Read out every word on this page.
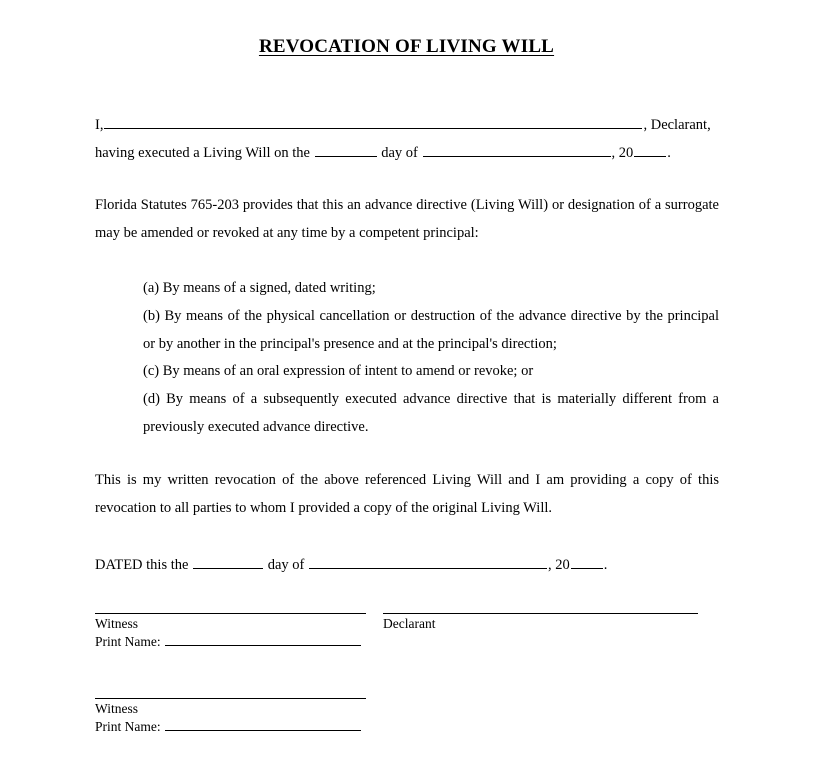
REVOCATION OF LIVING WILL
I,	, Declarant,
having executed a Living Will on the	day of	, 20 .
Florida Statutes 765-203 provides that this an advance directive (Living Will) or designation of a surrogate may be amended or revoked at any time by a competent principal:
(a) By means of a signed, dated writing;
(b) By means of the physical cancellation or destruction of the advance directive by the principal or by another in the principal's presence and at the principal's direction;
(c) By means of an oral expression of intent to amend or revoke; or
(d) By means of a subsequently executed advance directive that is materially different from a previously executed advance directive.
This is my written revocation of the above referenced Living Will and I am providing a copy of this revocation to all parties to whom I provided a copy of the original Living Will.
DATED this the	day of	, 20 .
Witness	Declarant
Print Name:
Witness
Print Name:
